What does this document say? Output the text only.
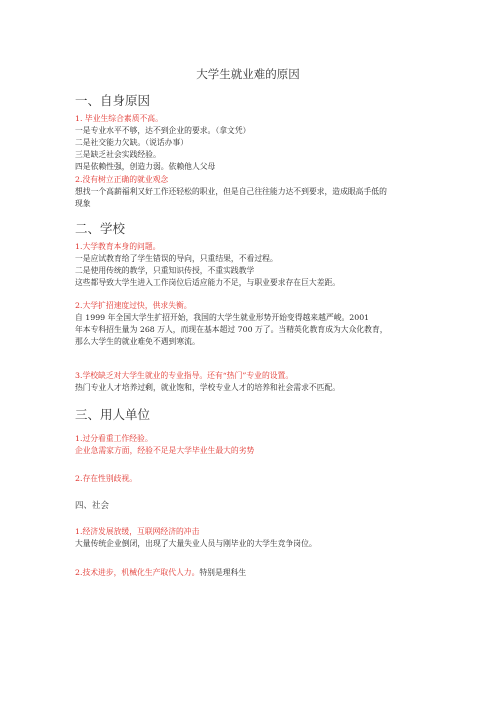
大学生就业难的原因
一、自身原因
1. 毕业生综合素质不高。
一是专业水平不够，达不到企业的要求。（拿文凭）
二是社交能力欠缺。（说话办事）
三是缺乏社会实践经验。
四是依赖性强，创造力弱。依赖他人父母
2.没有树立正确的就业观念
想找一个高薪福利又好工作还轻松的职业，但是自己往往能力达不到要求，造成眼高手低的
现象
二、学校
1.大学教育本身的问题。
一是应试教育给了学生错误的导向，只重结果，不看过程。
二是使用传统的教学，只重知识传授，不重实践教学
这些都导致大学生进入工作岗位后适应能力不足，与职业要求存在巨大差距。
2.大学扩招速度过快，供求失衡。
自 1999 年全国大学生扩招开始，我国的大学生就业形势开始变得越来越严峻。2001
年本专科招生量为 268 万人，而现在基本超过 700 万了。当精英化教育成为大众化教育，
那么大学生的就业难免不遇到寒流。
3.学校缺乏对大学生就业的专业指导。还有“热门”专业的设置。
热门专业人才培养过剩，就业饱和，学校专业人才的培养和社会需求不匹配。
三、用人单位
1.过分看重工作经验。
企业急需家方面，经验不足是大学毕业生最大的劣势
2.存在性别歧视。
四、社会
1.经济发展放缓，互联网经济的冲击
大量传统企业倒闭，出现了大量失业人员与刚毕业的大学生竞争岗位。
2.技术进步，机械化生产取代人力。特别是理科生
